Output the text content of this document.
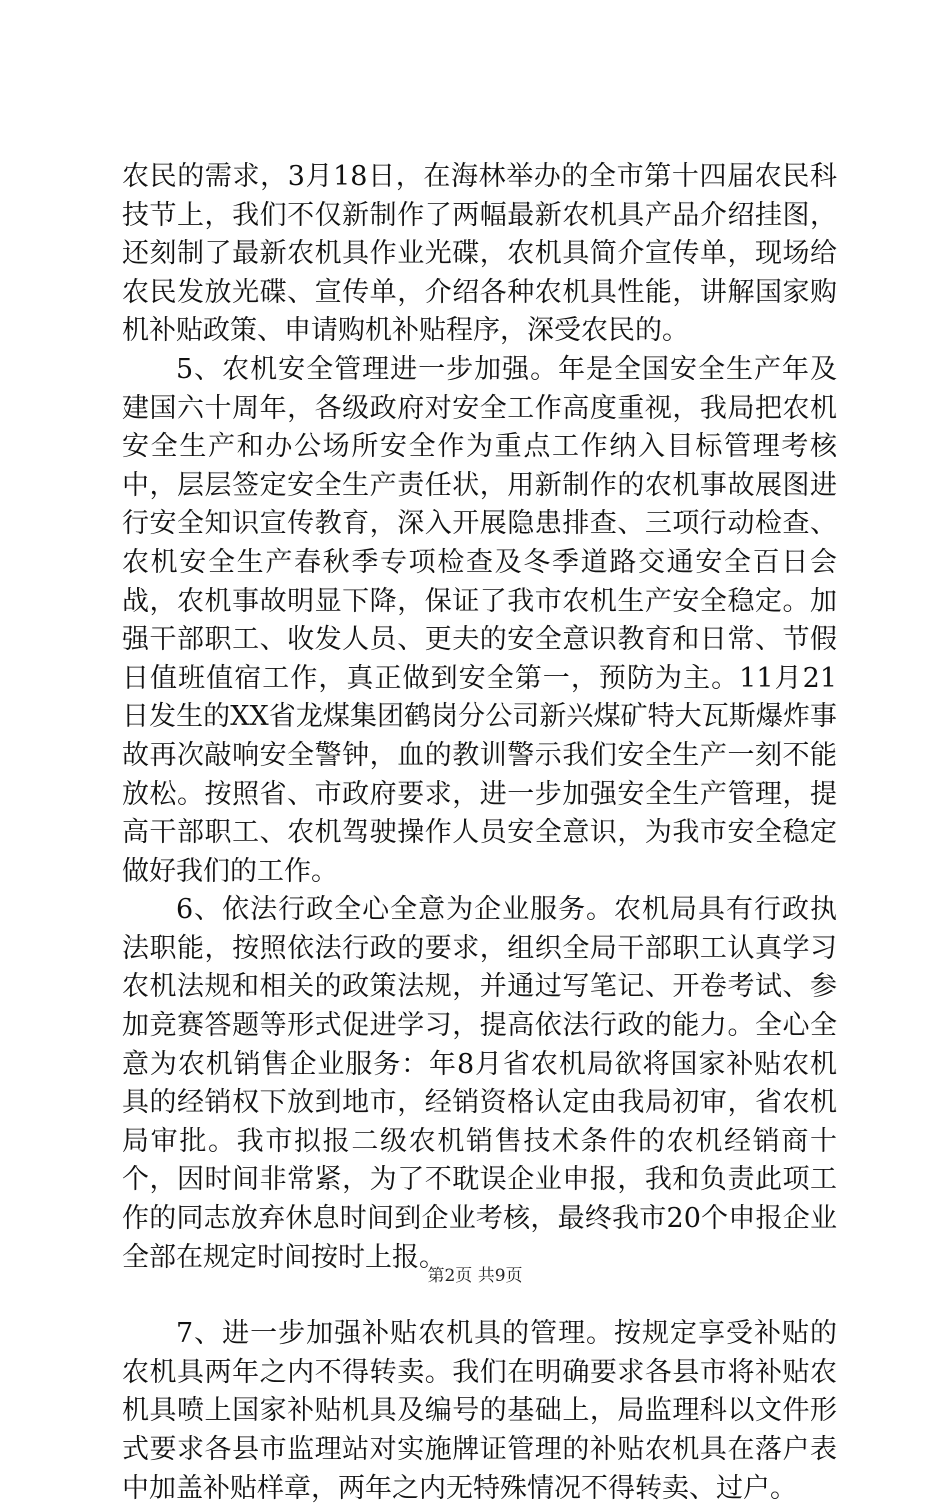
农民的需求，3月18日，在海林举办的全市第十四届农民科技节上，我们不仅新制作了两幅最新农机具产品介绍挂图，还刻制了最新农机具作业光碟，农机具简介宣传单，现场给农民发放光碟、宣传单，介绍各种农机具性能，讲解国家购机补贴政策、申请购机补贴程序，深受农民的。

5、农机安全管理进一步加强。年是全国安全生产年及建国六十周年，各级政府对安全工作高度重视，我局把农机安全生产和办公场所安全作为重点工作纳入目标管理考核中，层层签定安全生产责任状，用新制作的农机事故展图进行安全知识宣传教育，深入开展隐患排查、三项行动检查、农机安全生产春秋季专项检查及冬季道路交通安全百日会战，农机事故明显下降，保证了我市农机生产安全稳定。加强干部职工、收发人员、更夫的安全意识教育和日常、节假日值班值宿工作，真正做到安全第一，预防为主。11月21日发生的XX省龙煤集团鹤岗分公司新兴煤矿特大瓦斯爆炸事故再次敲响安全警钟，血的教训警示我们安全生产一刻不能放松。按照省、市政府要求，进一步加强安全生产管理，提高干部职工、农机驾驶操作人员安全意识，为我市安全稳定做好我们的工作。

6、依法行政全心全意为企业服务。农机局具有行政执法职能，按照依法行政的要求，组织全局干部职工认真学习农机法规和相关的政策法规，并通过写笔记、开卷考试、参加竞赛答题等形式促进学习，提高依法行政的能力。全心全意为农机销售企业服务：年8月省农机局欲将国家补贴农机具的经销权下放到地市，经销资格认定由我局初审，省农机局审批。我市拟报二级农机销售技术条件的农机经销商十个，因时间非常紧，为了不耽误企业申报，我和负责此项工作的同志放弃休息时间到企业考核，最终我市20个申报企业全部在规定时间按时上报。

7、进一步加强补贴农机具的管理。按规定享受补贴的农机具两年之内不得转卖。我们在明确要求各县市将补贴农机具喷上国家补贴机具及编号的基础上，局监理科以文件形式要求各县市监理站对实施牌证管理的补贴农机具在落户表中加盖补贴样章，两年之内无特殊情况不得转卖、过户。

第2页 共9页
